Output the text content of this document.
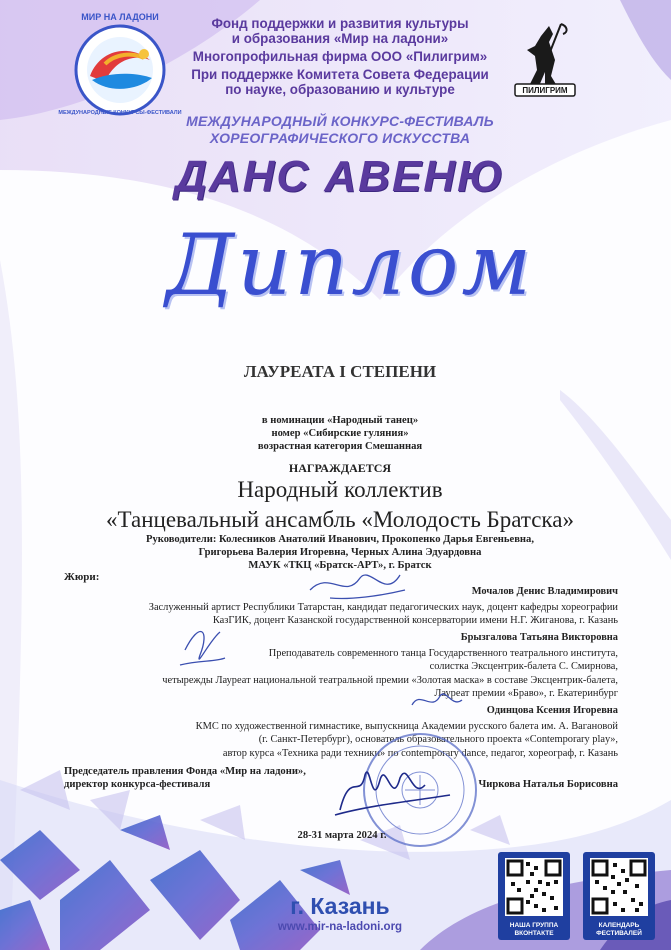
МИР НА ЛАДОНИ
МЕЖДУНАРОДНЫЕ КОНКУРСЫ-ФЕСТИВАЛИ
Фонд поддержки и развития культуры
и образования «Мир на ладони»
Многопрофильная фирма ООО «Пилигрим»
При поддержке Комитета Совета Федерации
по науке, образованию и культуре	ПИЛИГРИМ
МЕЖДУНАРОДНЫЙ КОНКУРС-ФЕСТИВАЛЬ
ХОРЕОГРАФИЧЕСКОГО ИСКУССТВА
ДАНС АВЕНЮ
Диплом
ЛАУРЕАТА I СТЕПЕНИ
в номинации «Народный танец»
номер «Сибирские гуляния»
возрастная категория Смешанная
НАГРАЖДАЕТСЯ
Народный коллектив
«Танцевальный ансамбль «Молодость Братска»
Руководители: Колесников Анатолий Иванович, Прокопенко Дарья Евгеньевна,
Григорьева Валерия Игоревна, Черных Алина Эдуардовна
МАУК «ТКЦ «Братск-АРТ», г. Братск
Жюри:
Мочалов Денис Владимирович
Заслуженный артист Республики Татарстан, кандидат педагогических наук, доцент кафедры хореографии
КазГИК, доцент Казанской государственной консерватории имени Н.Г. Жиганова, г. Казань
Брызгалова Татьяна Викторовна
Преподаватель современного танца Государственного театрального института,
солистка Эксцентрик-балета С. Смирнова,
четырежды Лауреат национальной театральной премии «Золотая маска» в составе Эксцентрик-балета,
Лауреат премии «Браво», г. Екатеринбург
Одинцова Ксения Игоревна
КМС по художественной гимнастике, выпускница Академии русского балета им. А. Вагановой
(г. Санкт-Петербург), основатель образовательного проекта «Contemporary play»,
автор курса «Техника ради техники» по contemporary dance, педагог, хореограф, г. Казань
Председатель правления Фонда «Мир на ладони»,
директор конкурса-фестиваля	Чиркова Наталья Борисовна
28-31 марта 2024 г.
г. Казань
www.mir-na-ladoni.org	НАША ГРУППА
ВКОНТАКТЕ
КАЛЕНДАРЬ
ФЕСТИВАЛЕЙ
